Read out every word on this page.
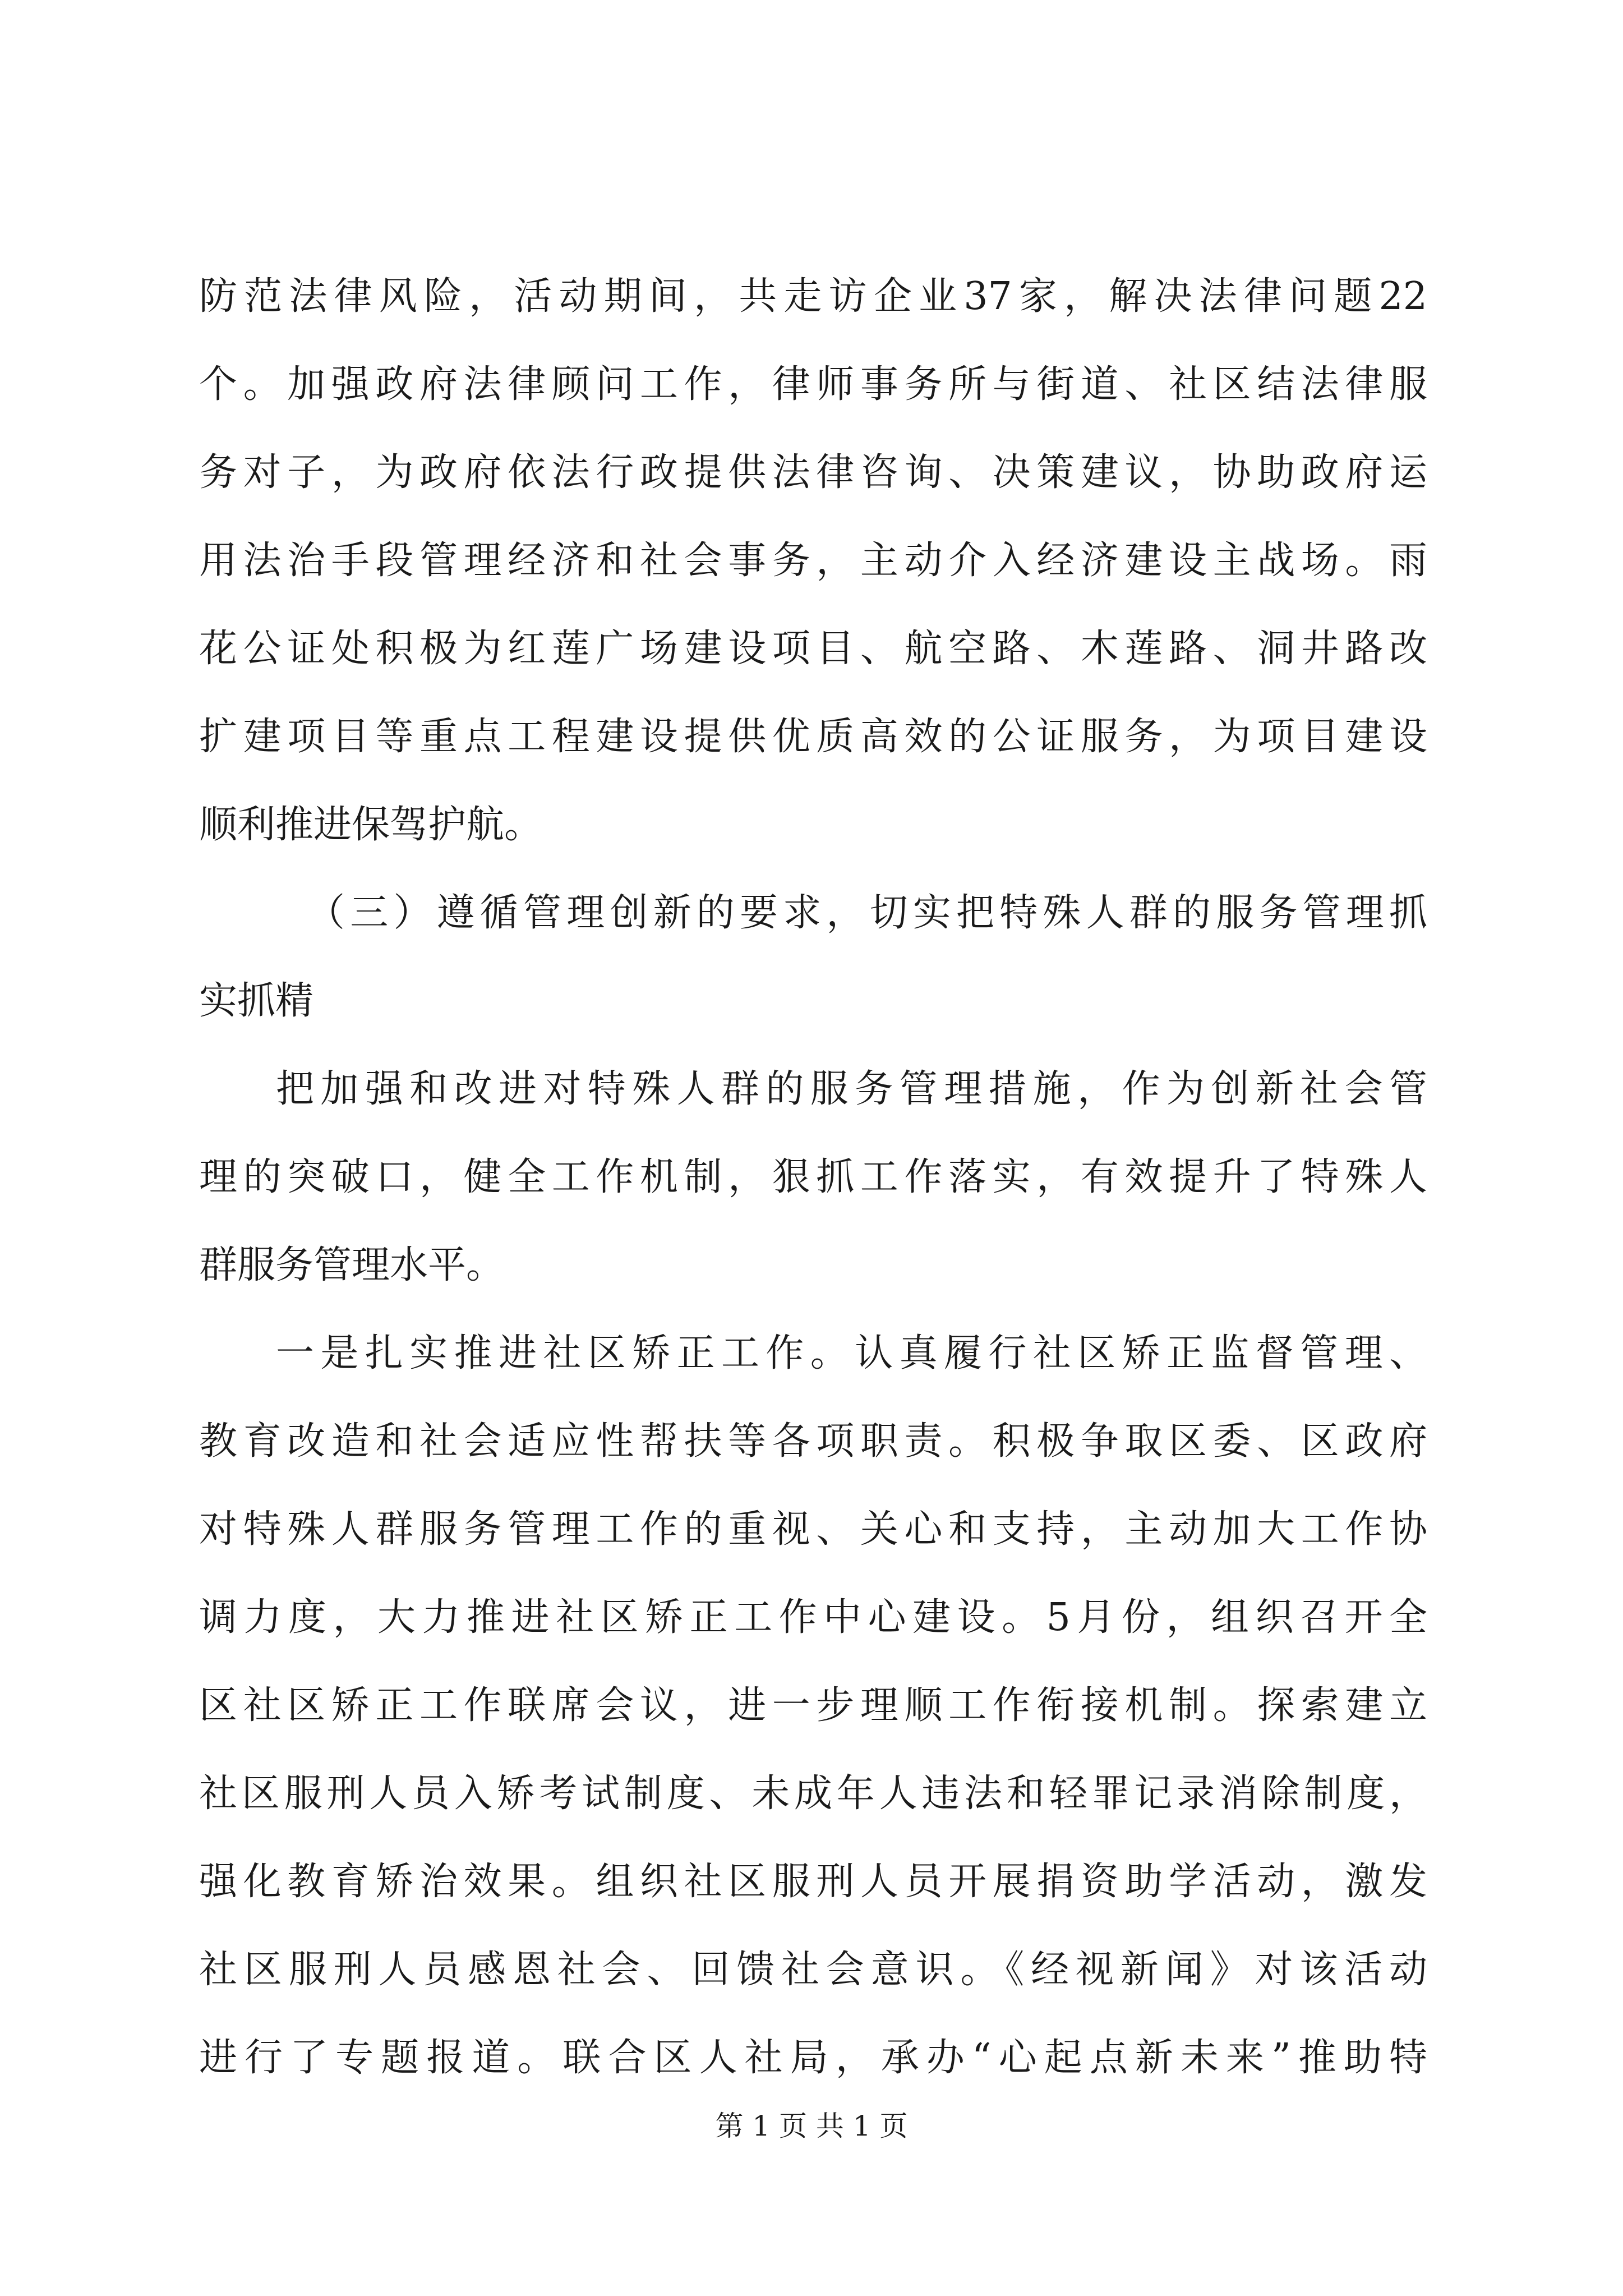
防范法律风险，活动期间，共走访企业37家，解决法律问题22
个。加强政府法律顾问工作，律师事务所与街道、社区结法律服
务对子，为政府依法行政提供法律咨询、决策建议，协助政府运
用法治手段管理经济和社会事务，主动介入经济建设主战场。雨
花公证处积极为红莲广场建设项目、航空路、木莲路、洞井路改
扩建项目等重点工程建设提供优质高效的公证服务，为项目建设
顺利推进保驾护航。
（三）遵循管理创新的要求，切实把特殊人群的服务管理抓
实抓精
把加强和改进对特殊人群的服务管理措施，作为创新社会管
理的突破口，健全工作机制，狠抓工作落实，有效提升了特殊人
群服务管理水平。
一是扎实推进社区矫正工作。认真履行社区矫正监督管理、
教育改造和社会适应性帮扶等各项职责。积极争取区委、区政府
对特殊人群服务管理工作的重视、关心和支持，主动加大工作协
调力度，大力推进社区矫正工作中心建设。5月份，组织召开全
区社区矫正工作联席会议，进一步理顺工作衔接机制。探索建立
社区服刑人员入矫考试制度、未成年人违法和轻罪记录消除制度，
强化教育矫治效果。组织社区服刑人员开展捐资助学活动，激发
社区服刑人员感恩社会、回馈社会意识。《经视新闻》对该活动
进行了专题报道。联合区人社局，承办“心起点新未来”推助特
第 1 页 共 1 页
